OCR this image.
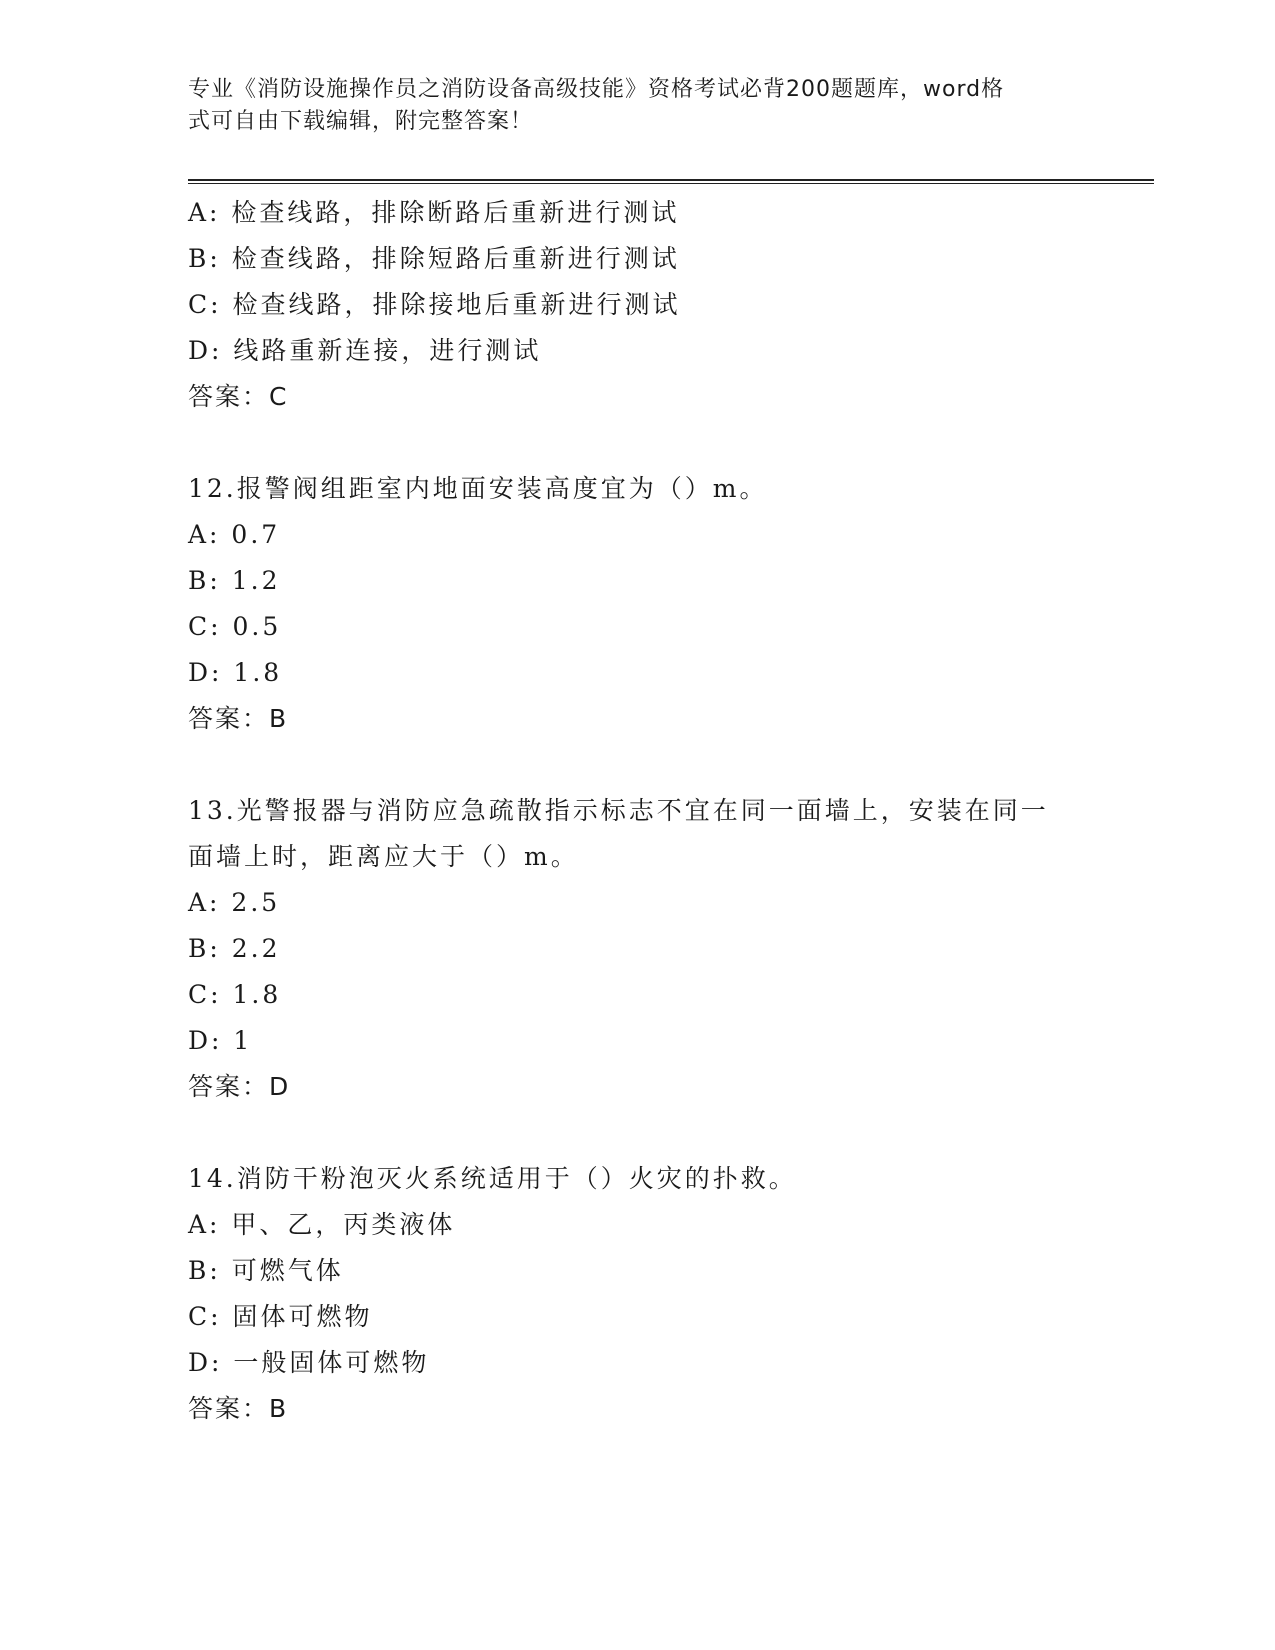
专业《消防设施操作员之消防设备高级技能》资格考试必背200题题库，word格
式可自由下载编辑，附完整答案！
A: 检查线路，排除断路后重新进行测试
B: 检查线路，排除短路后重新进行测试
C: 检查线路，排除接地后重新进行测试
D: 线路重新连接，进行测试
答案：C
12.报警阀组距室内地面安装高度宜为（）m。
A: 0.7
B: 1.2
C: 0.5
D: 1.8
答案：B
13.光警报器与消防应急疏散指示标志不宜在同一面墙上，安装在同一
面墙上时，距离应大于（）m。
A: 2.5
B: 2.2
C: 1.8
D: 1
答案：D
14.消防干粉泡灭火系统适用于（）火灾的扑救。
A: 甲、乙，丙类液体
B: 可燃气体
C: 固体可燃物
D: 一般固体可燃物
答案：B
